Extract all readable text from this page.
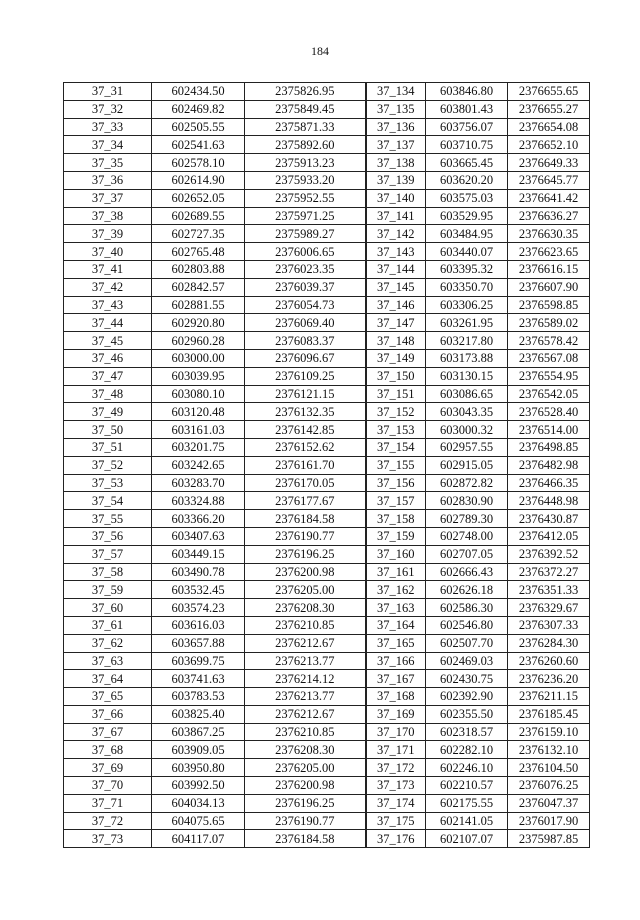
184
37_31	602434.50	2375826.95	37_134	603846.80	2376655.65
37_32	602469.82	2375849.45	37_135	603801.43	2376655.27
37_33	602505.55	2375871.33	37_136	603756.07	2376654.08
37_34	602541.63	2375892.60	37_137	603710.75	2376652.10
37_35	602578.10	2375913.23	37_138	603665.45	2376649.33
37_36	602614.90	2375933.20	37_139	603620.20	2376645.77
37_37	602652.05	2375952.55	37_140	603575.03	2376641.42
37_38	602689.55	2375971.25	37_141	603529.95	2376636.27
37_39	602727.35	2375989.27	37_142	603484.95	2376630.35
37_40	602765.48	2376006.65	37_143	603440.07	2376623.65
37_41	602803.88	2376023.35	37_144	603395.32	2376616.15
37_42	602842.57	2376039.37	37_145	603350.70	2376607.90
37_43	602881.55	2376054.73	37_146	603306.25	2376598.85
37_44	602920.80	2376069.40	37_147	603261.95	2376589.02
37_45	602960.28	2376083.37	37_148	603217.80	2376578.42
37_46	603000.00	2376096.67	37_149	603173.88	2376567.08
37_47	603039.95	2376109.25	37_150	603130.15	2376554.95
37_48	603080.10	2376121.15	37_151	603086.65	2376542.05
37_49	603120.48	2376132.35	37_152	603043.35	2376528.40
37_50	603161.03	2376142.85	37_153	603000.32	2376514.00
37_51	603201.75	2376152.62	37_154	602957.55	2376498.85
37_52	603242.65	2376161.70	37_155	602915.05	2376482.98
37_53	603283.70	2376170.05	37_156	602872.82	2376466.35
37_54	603324.88	2376177.67	37_157	602830.90	2376448.98
37_55	603366.20	2376184.58	37_158	602789.30	2376430.87
37_56	603407.63	2376190.77	37_159	602748.00	2376412.05
37_57	603449.15	2376196.25	37_160	602707.05	2376392.52
37_58	603490.78	2376200.98	37_161	602666.43	2376372.27
37_59	603532.45	2376205.00	37_162	602626.18	2376351.33
37_60	603574.23	2376208.30	37_163	602586.30	2376329.67
37_61	603616.03	2376210.85	37_164	602546.80	2376307.33
37_62	603657.88	2376212.67	37_165	602507.70	2376284.30
37_63	603699.75	2376213.77	37_166	602469.03	2376260.60
37_64	603741.63	2376214.12	37_167	602430.75	2376236.20
37_65	603783.53	2376213.77	37_168	602392.90	2376211.15
37_66	603825.40	2376212.67	37_169	602355.50	2376185.45
37_67	603867.25	2376210.85	37_170	602318.57	2376159.10
37_68	603909.05	2376208.30	37_171	602282.10	2376132.10
37_69	603950.80	2376205.00	37_172	602246.10	2376104.50
37_70	603992.50	2376200.98	37_173	602210.57	2376076.25
37_71	604034.13	2376196.25	37_174	602175.55	2376047.37
37_72	604075.65	2376190.77	37_175	602141.05	2376017.90
37_73	604117.07	2376184.58	37_176	602107.07	2375987.85
